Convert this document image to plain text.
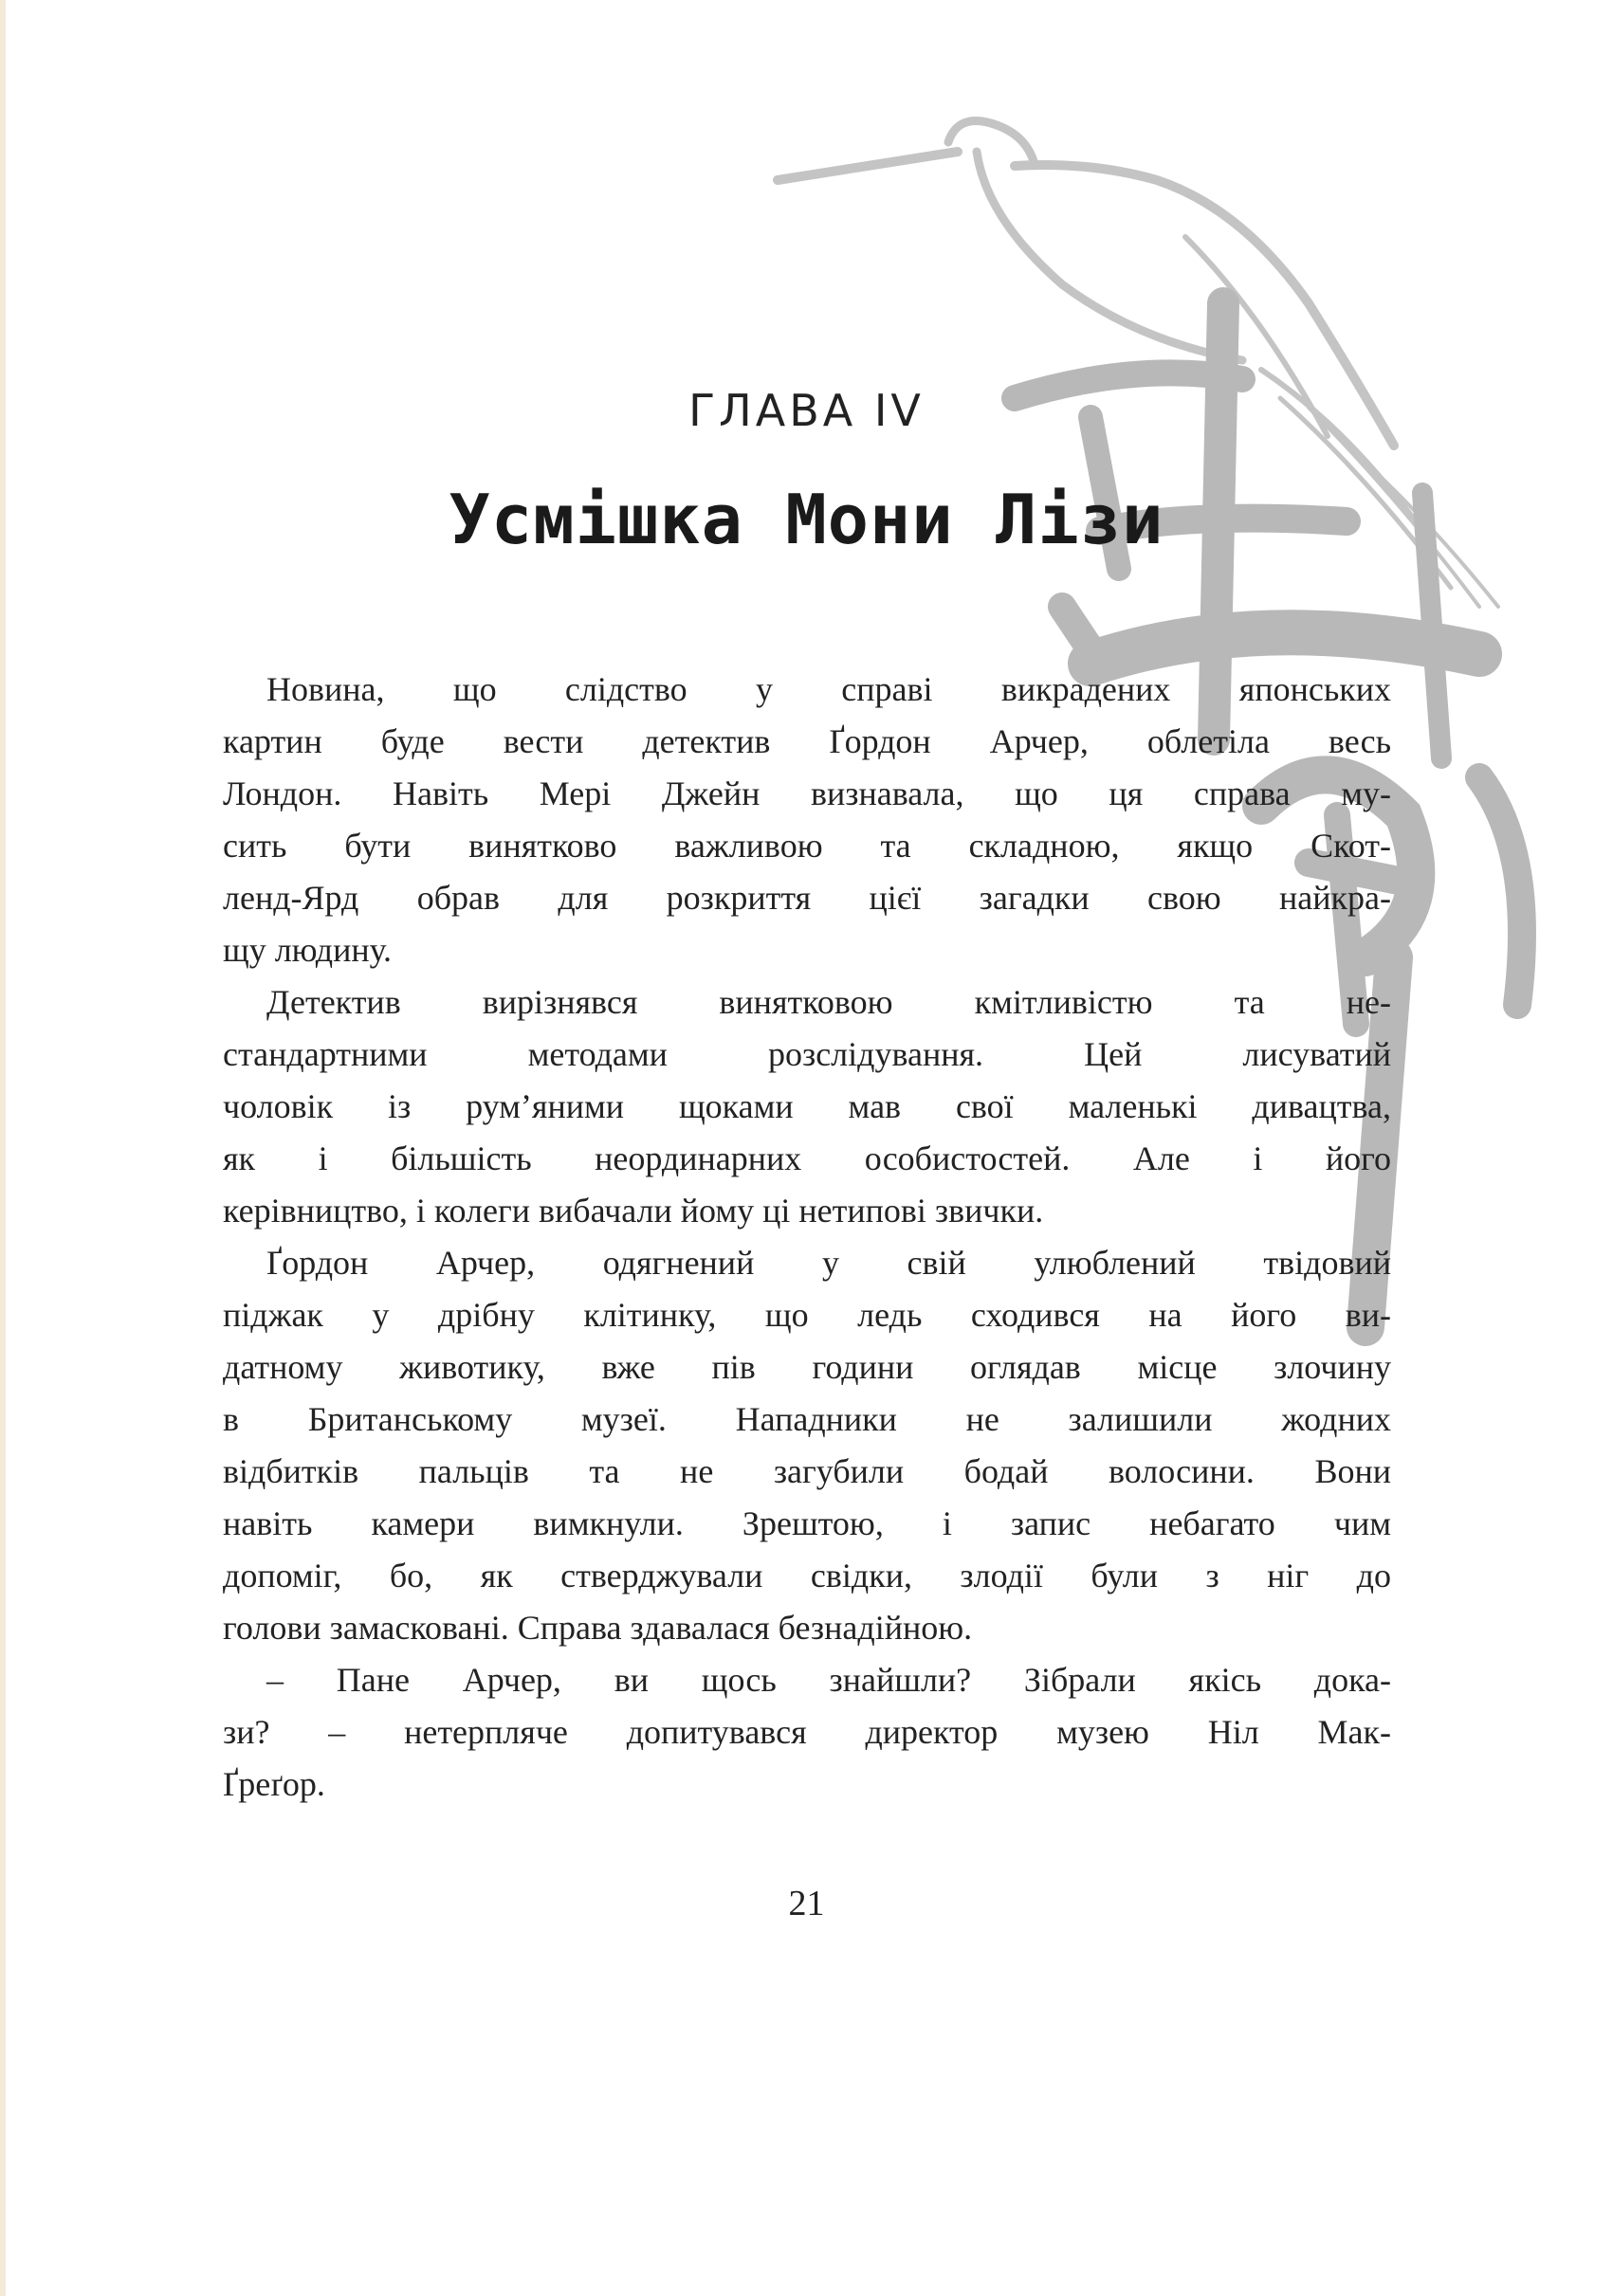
ГЛАВА IV
Усмішка Мони Лізи
Новина, що слідство у справі викрадених японських
картин буде вести детектив Ґордон Арчер, облетіла весь
Лондон. Навіть Мері Джейн визнавала, що ця справа му-
сить бути винятково важливою та складною, якщо Скот-
ленд-Ярд обрав для розкриття цієї загадки свою найкра-
щу людину.
Детектив вирізнявся винятковою кмітливістю та не-
стандартними методами розслідування. Цей лисуватий
чоловік із рум’яними щоками мав свої маленькі дивацтва,
як і більшість неординарних особистостей. Але і його
керівництво, і колеги вибачали йому ці нетипові звички.
Ґордон Арчер, одягнений у свій улюблений твідовий
піджак у дрібну клітинку, що ледь сходився на його ви-
датному животику, вже пів години оглядав місце злочину
в Британському музеї. Нападники не залишили жодних
відбитків пальців та не загубили бодай волосини. Вони
навіть камери вимкнули. Зрештою, і запис небагато чим
допоміг, бо, як стверджували свідки, злодії були з ніг до
голови замасковані. Справа здавалася безнадійною.
– Пане Арчер, ви щось знайшли? Зібрали якісь дока-
зи? – нетерпляче допитувався директор музею Ніл Мак-
Ґреґор.
21
